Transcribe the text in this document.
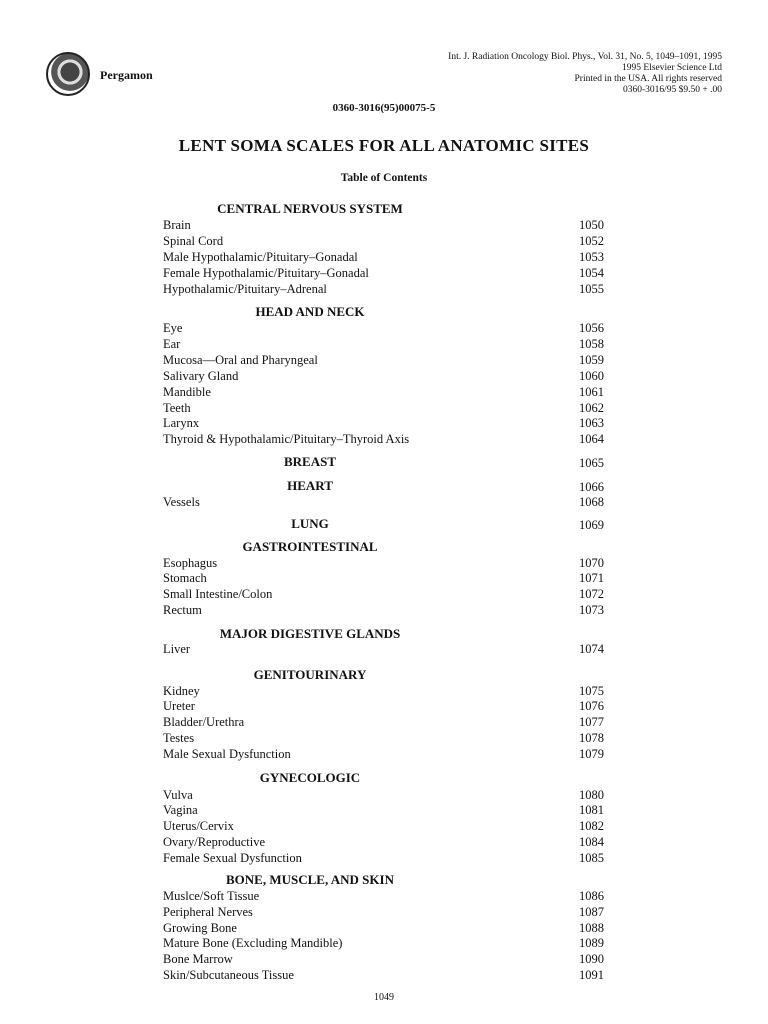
Pergamon
Int. J. Radiation Oncology Biol. Phys., Vol. 31, No. 5, 1049–1091, 1995
1995 Elsevier Science Ltd
Printed in the USA. All rights reserved
0360-3016/95 $9.50 + .00
0360-3016(95)00075-5
LENT SOMA SCALES FOR ALL ANATOMIC SITES
Table of Contents
CENTRAL NERVOUS SYSTEM
Brain	1050
Spinal Cord	1052
Male Hypothalamic/Pituitary–Gonadal	1053
Female Hypothalamic/Pituitary–Gonadal	1054
Hypothalamic/Pituitary–Adrenal	1055
HEAD AND NECK
Eye	1056
Ear	1058
Mucosa—Oral and Pharyngeal	1059
Salivary Gland	1060
Mandible	1061
Teeth	1062
Larynx	1063
Thyroid & Hypothalamic/Pituitary–Thyroid Axis	1064
BREAST	1065
HEART	1066
Vessels	1068
LUNG	1069
GASTROINTESTINAL
Esophagus	1070
Stomach	1071
Small Intestine/Colon	1072
Rectum	1073
MAJOR DIGESTIVE GLANDS
Liver	1074
GENITOURINARY
Kidney	1075
Ureter	1076
Bladder/Urethra	1077
Testes	1078
Male Sexual Dysfunction	1079
GYNECOLOGIC
Vulva	1080
Vagina	1081
Uterus/Cervix	1082
Ovary/Reproductive	1084
Female Sexual Dysfunction	1085
BONE, MUSCLE, AND SKIN
Muslce/Soft Tissue	1086
Peripheral Nerves	1087
Growing Bone	1088
Mature Bone (Excluding Mandible)	1089
Bone Marrow	1090
Skin/Subcutaneous Tissue	1091
1049
